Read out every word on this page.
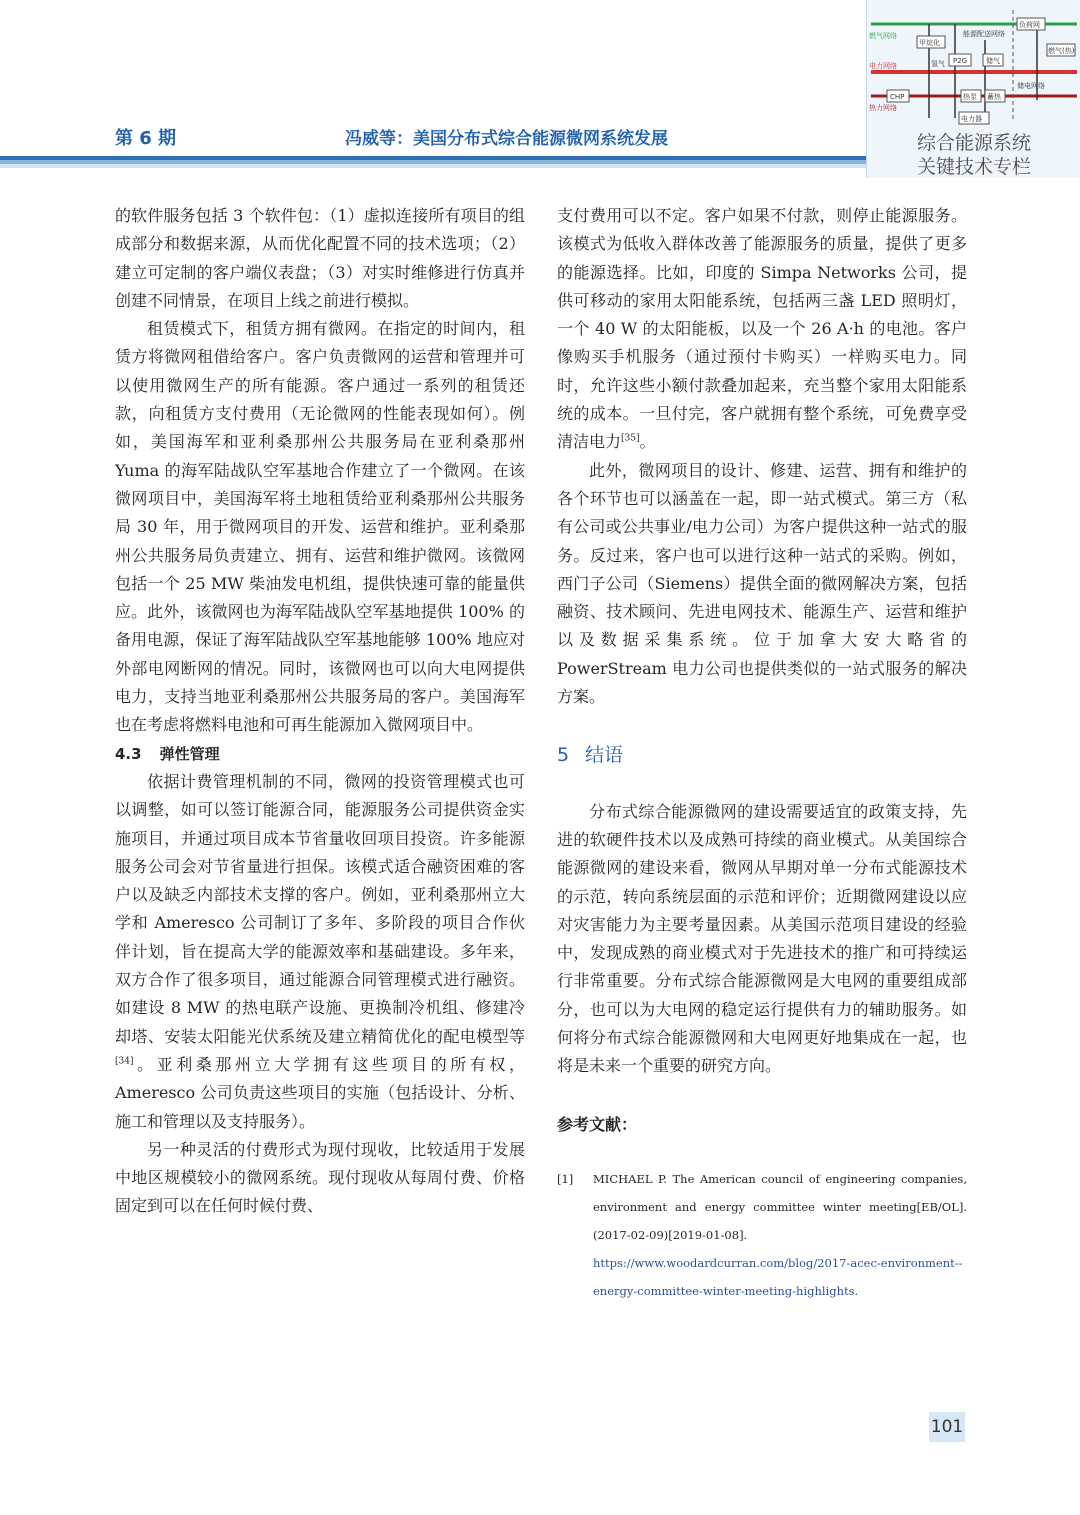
第 6 期	冯威等：美国分布式综合能源微网系统发展
燃气网络
电力网络
热力网络
甲烷化
能源配送网络
氢气 P2G	储气
CHP	热泵 蓄热
电力器
储电网络
燃气(热)
负荷网
综合能源系统
关键技术专栏

的软件服务包括 3 个软件包：（1）虚拟连接所有项目的组成部分和数据来源，从而优化配置不同的技术选项；（2）建立可定制的客户端仪表盘；（3）对实时维修进行仿真并创建不同情景，在项目上线之前进行模拟。

租赁模式下，租赁方拥有微网。在指定的时间内，租赁方将微网租借给客户。客户负责微网的运营和管理并可以使用微网生产的所有能源。客户通过一系列的租赁还款，向租赁方支付费用（无论微网的性能表现如何）。例如，美国海军和亚利桑那州公共服务局在亚利桑那州 Yuma 的海军陆战队空军基地合作建立了一个微网。在该微网项目中，美国海军将土地租赁给亚利桑那州公共服务局 30 年，用于微网项目的开发、运营和维护。亚利桑那州公共服务局负责建立、拥有、运营和维护微网。该微网包括一个 25 MW 柴油发电机组，提供快速可靠的能量供应。此外，该微网也为海军陆战队空军基地提供 100% 的备用电源，保证了海军陆战队空军基地能够 100% 地应对外部电网断网的情况。同时，该微网也可以向大电网提供电力，支持当地亚利桑那州公共服务局的客户。美国海军也在考虑将燃料电池和可再生能源加入微网项目中。

4.3 弹性管理

依据计费管理机制的不同，微网的投资管理模式也可以调整，如可以签订能源合同，能源服务公司提供资金实施项目，并通过项目成本节省量收回项目投资。许多能源服务公司会对节省量进行担保。该模式适合融资困难的客户以及缺乏内部技术支撑的客户。例如，亚利桑那州立大学和 Ameresco 公司制订了多年、多阶段的项目合作伙伴计划，旨在提高大学的能源效率和基础建设。多年来，双方合作了很多项目，通过能源合同管理模式进行融资。如建设 8 MW 的热电联产设施、更换制冷机组、修建冷却塔、安装太阳能光伏系统及建立精简优化的配电模型等[34]。亚利桑那州立大学拥有这些项目的所有权，Ameresco 公司负责这些项目的实施（包括设计、分析、施工和管理以及支持服务）。

另一种灵活的付费形式为现付现收，比较适用于发展中地区规模较小的微网系统。现付现收从每周付费、价格固定到可以在任何时候付费、

支付费用可以不定。客户如果不付款，则停止能源服务。该模式为低收入群体改善了能源服务的质量，提供了更多的能源选择。比如，印度的 Simpa Networks 公司，提供可移动的家用太阳能系统，包括两三盏 LED 照明灯，一个 40 W 的太阳能板，以及一个 26 A·h 的电池。客户像购买手机服务（通过预付卡购买）一样购买电力。同时，允许这些小额付款叠加起来，充当整个家用太阳能系统的成本。一旦付完，客户就拥有整个系统，可免费享受清洁电力[35]。

此外，微网项目的设计、修建、运营、拥有和维护的各个环节也可以涵盖在一起，即一站式模式。第三方（私有公司或公共事业/电力公司）为客户提供这种一站式的服务。反过来，客户也可以进行这种一站式的采购。例如，西门子公司（Siemens）提供全面的微网解决方案，包括融资、技术顾问、先进电网技术、能源生产、运营和维护以及数据采集系统。位于加拿大安大略省的 PowerStream 电力公司也提供类似的一站式服务的解决方案。

5 结语

分布式综合能源微网的建设需要适宜的政策支持，先进的软硬件技术以及成熟可持续的商业模式。从美国综合能源微网的建设来看，微网从早期对单一分布式能源技术的示范，转向系统层面的示范和评价；近期微网建设以应对灾害能力为主要考量因素。从美国示范项目建设的经验中，发现成熟的商业模式对于先进技术的推广和可持续运行非常重要。分布式综合能源微网是大电网的重要组成部分，也可以为大电网的稳定运行提供有力的辅助服务。如何将分布式综合能源微网和大电网更好地集成在一起，也将是未来一个重要的研究方向。

参考文献：
[1]	MICHAEL P. The American council of engineering companies, environment and energy committee winter meeting[EB/OL]. (2017-02-09)[2019-01-08]. https://www.woodardcurran.com/blog/2017-acec-environment--energy-committee-winter-meeting-highlights.
101
